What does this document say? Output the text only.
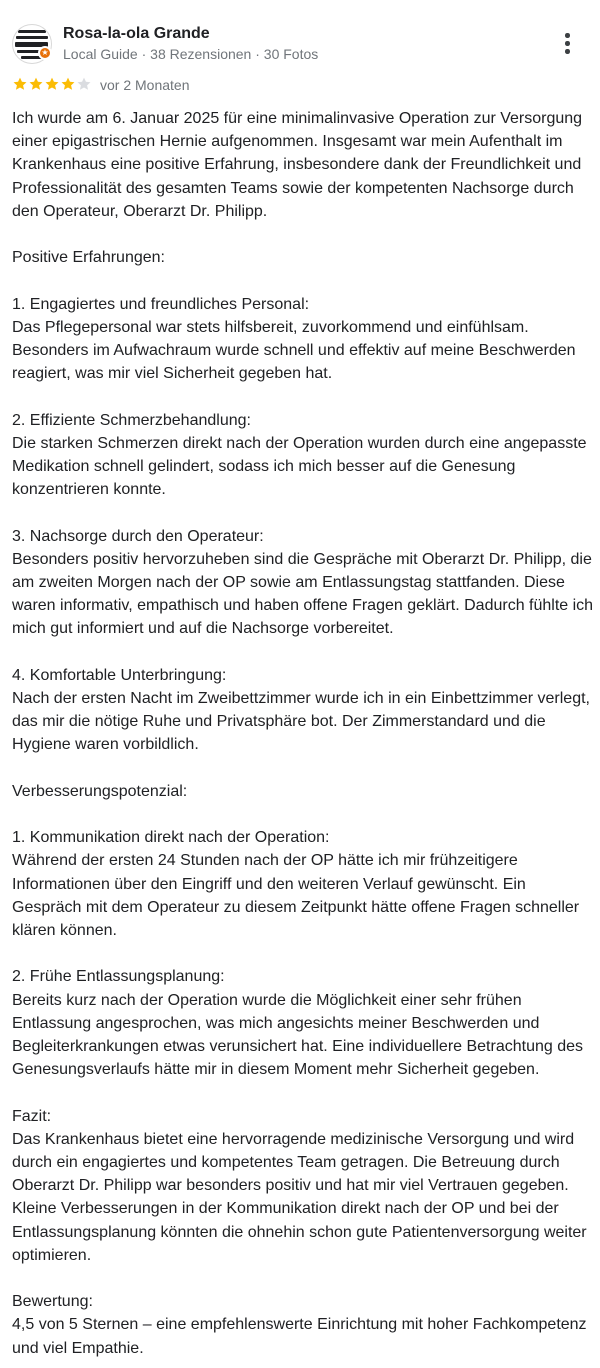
★
Rosa-la-ola Grande
Local Guide · 38 Rezensionen · 30 Fotos
vor 2 Monaten

Ich wurde am 6. Januar 2025 für eine minimalinvasive Operation zur Versorgung einer epigastrischen Hernie aufgenommen. Insgesamt war mein Aufenthalt im Krankenhaus eine positive Erfahrung, insbesondere dank der Freundlichkeit und Professionalität des gesamten Teams sowie der kompetenten Nachsorge durch den Operateur, Oberarzt Dr. Philipp.

Positive Erfahrungen:

1. Engagiertes und freundliches Personal:
Das Pflegepersonal war stets hilfsbereit, zuvorkommend und einfühlsam. Besonders im Aufwachraum wurde schnell und effektiv auf meine Beschwerden reagiert, was mir viel Sicherheit gegeben hat.

2. Effiziente Schmerzbehandlung:
Die starken Schmerzen direkt nach der Operation wurden durch eine angepasste Medikation schnell gelindert, sodass ich mich besser auf die Genesung konzentrieren konnte.

3. Nachsorge durch den Operateur:
Besonders positiv hervorzuheben sind die Gespräche mit Oberarzt Dr. Philipp, die am zweiten Morgen nach der OP sowie am Entlassungstag stattfanden. Diese waren informativ, empathisch und haben offene Fragen geklärt. Dadurch fühlte ich mich gut informiert und auf die Nachsorge vorbereitet.

4. Komfortable Unterbringung:
Nach der ersten Nacht im Zweibettzimmer wurde ich in ein Einbettzimmer verlegt, das mir die nötige Ruhe und Privatsphäre bot. Der Zimmerstandard und die Hygiene waren vorbildlich.

Verbesserungspotenzial:

1. Kommunikation direkt nach der Operation:
Während der ersten 24 Stunden nach der OP hätte ich mir frühzeitigere Informationen über den Eingriff und den weiteren Verlauf gewünscht. Ein Gespräch mit dem Operateur zu diesem Zeitpunkt hätte offene Fragen schneller klären können.

2. Frühe Entlassungsplanung:
Bereits kurz nach der Operation wurde die Möglichkeit einer sehr frühen Entlassung angesprochen, was mich angesichts meiner Beschwerden und Begleiterkrankungen etwas verunsichert hat. Eine individuellere Betrachtung des Genesungsverlaufs hätte mir in diesem Moment mehr Sicherheit gegeben.

Fazit:
Das Krankenhaus bietet eine hervorragende medizinische Versorgung und wird durch ein engagiertes und kompetentes Team getragen. Die Betreuung durch Oberarzt Dr. Philipp war besonders positiv und hat mir viel Vertrauen gegeben. Kleine Verbesserungen in der Kommunikation direkt nach der OP und bei der Entlassungsplanung könnten die ohnehin schon gute Patientenversorgung weiter optimieren.

Bewertung:
4,5 von 5 Sternen – eine empfehlenswerte Einrichtung mit hoher Fachkompetenz und viel Empathie.
